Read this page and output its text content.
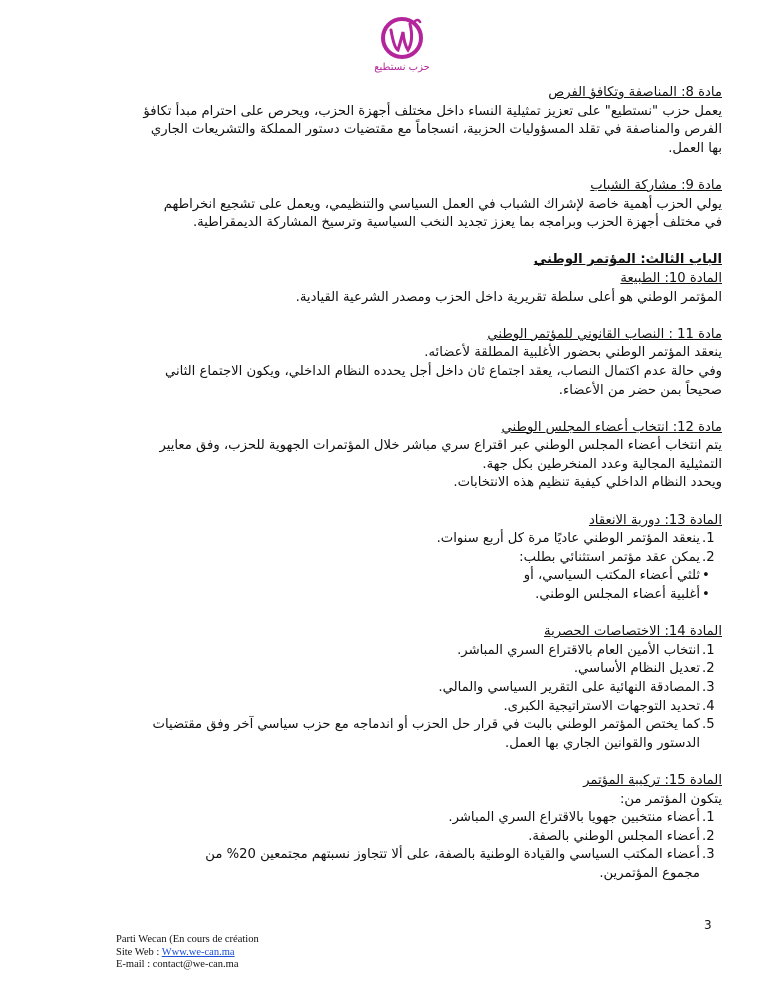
حزب نستطيع

مادة 8: المناصفة وتكافؤ الفرص

يعمل حزب "نستطيع" على تعزيز تمثيلية النساء داخل مختلف أجهزة الحزب، ويحرص على احترام مبدأ تكافؤ

الفرص والمناصفة في تقلد المسؤوليات الحزبية، انسجاماً مع مقتضيات دستور المملكة والتشريعات الجاري

بها العمل.

مادة 9: مشاركة الشباب

يولي الحزب أهمية خاصة لإشراك الشباب في العمل السياسي والتنظيمي، ويعمل على تشجيع انخراطهم

في مختلف أجهزة الحزب وبرامجه بما يعزز تجديد النخب السياسية وترسيخ المشاركة الديمقراطية.

الباب الثالث: المؤتمر الوطني

المادة 10: الطبيعة

المؤتمر الوطني هو أعلى سلطة تقريرية داخل الحزب ومصدر الشرعية القيادية.

مادة 11 : النصاب القانوني للمؤتمر الوطني

ينعقد المؤتمر الوطني بحضور الأغلبية المطلقة لأعضائه.

وفي حالة عدم اكتمال النصاب، يعقد اجتماع ثان داخل أجل يحدده النظام الداخلي، ويكون الاجتماع الثاني

صحيحاً بمن حضر من الأعضاء.

مادة 12: انتخاب أعضاء المجلس الوطني

يتم انتخاب أعضاء المجلس الوطني عبر اقتراع سري مباشر خلال المؤتمرات الجهوية للحزب، وفق معايير

التمثيلية المجالية وعدد المنخرطين بكل جهة.

ويحدد النظام الداخلي كيفية تنظيم هذه الانتخابات.

المادة 13: دورية الانعقاد

1.
ينعقد المؤتمر الوطني عاديًا مرة كل أربع سنوات.
2.
يمكن عقد مؤتمر استثنائي بطلب:
•
ثلثي أعضاء المكتب السياسي، أو
•
أغلبية أعضاء المجلس الوطني.

المادة 14: الاختصاصات الحصرية

1.
انتخاب الأمين العام بالاقتراع السري المباشر.
2.
تعديل النظام الأساسي.
3.
المصادقة النهائية على التقرير السياسي والمالي.
4.
تحديد التوجهات الاستراتيجية الكبرى.
5.
كما يختص المؤتمر الوطني بالبت في قرار حل الحزب أو اندماجه مع حزب سياسي آخر وفق مقتضيات
الدستور والقوانين الجاري بها العمل.

المادة 15: تركيبة المؤتمر

يتكون المؤتمر من:

1.
أعضاء منتخبين جهويا بالاقتراع السري المباشر.
2.
أعضاء المجلس الوطني بالصفة.
3.
أعضاء المكتب السياسي والقيادة الوطنية بالصفة، على ألا تتجاوز نسبتهم مجتمعين 20% من
مجموع المؤتمرين.
3
Parti Wecan (En cours de création
Site Web : Www.we-can.ma
E-mail : contact@we-can.ma
